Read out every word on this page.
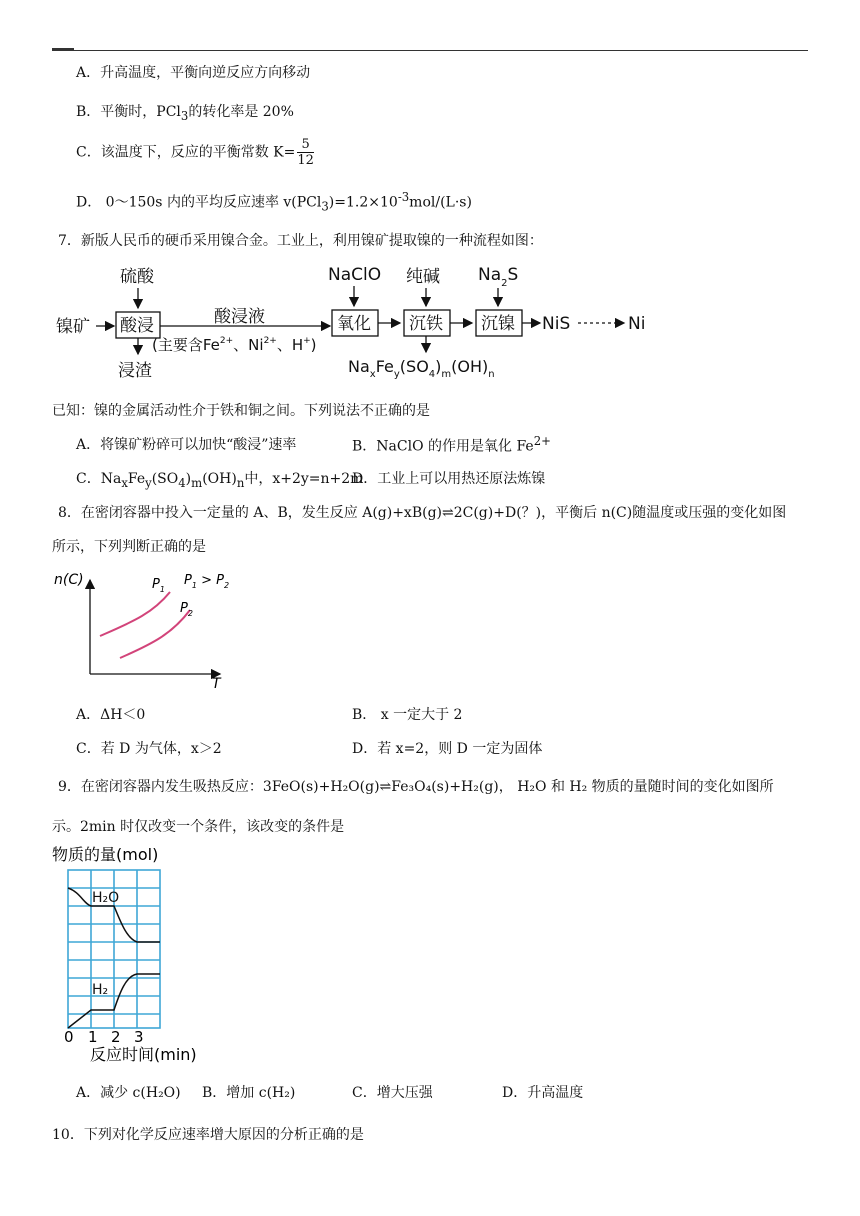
A．升高温度，平衡向逆反应方向移动
B．平衡时，PCl$_3$的转化率是 20%
C．该温度下，反应的平衡常数 $K= \frac{5}{12}$
D． 0～150s 内的平均反应速率 $v(PCl_3)=1.2\times 10^{-3}mol/(L\cdot s)$
7．新版人民币的硬币采用镍合金。工业上，利用镍矿提取镍的一种流程如图：
镍矿
硫酸
酸浸
浸渣
酸浸液
(主要含$Fe^{2+}$、$Ni^{2+}$、H+)
NaClO
氧化
纯碱
沉铁
$Na_xFe_y(SO_4)_m(OH)_n$
$Na_2S$
沉镍 NiS	Ni
已知：镍的金属活动性介于铁和铜之间。下列说法不正确的是
A．将镍矿粉碎可以加快“酸浸”速率	B．NaClO 的作用是氧化 $Fe^{2+}$
C．$Na_xFe_y(SO_4)_m(OH)_n$中，x+2y=n+2m
D．工业上可以用热还原法炼镍
8．在密闭容器中投入一定量的 A、B，发生反应 A(g)+xB(g)⇌2C(g)+D(？)，平衡后 n(C)随温度或压强的变化如图
所示，下列判断正确的是
n(C)
T
$P_1$
$P_2$
$P_1 > P_2$
A．ΔH＜0	B． x 一定大于 2
C．若 D 为气体，x＞2	D．若 x=2，则 D 一定为固体
9．在密闭容器内发生吸热反应：3FeO(s)+H₂O(g)⇌Fe₃O₄(s)+H₂(g)， H₂O 和 H₂ 物质的量随时间的变化如图所
示。2min 时仅改变一个条件，该改变的条件是
物质的量(mol)
H₂O
H₂
0 1 2 3
反应时间(min)
A．减少 c(H₂O) B．增加 c(H₂)	C．增大压强	D．升高温度
10．下列对化学反应速率增大原因的分析正确的是
